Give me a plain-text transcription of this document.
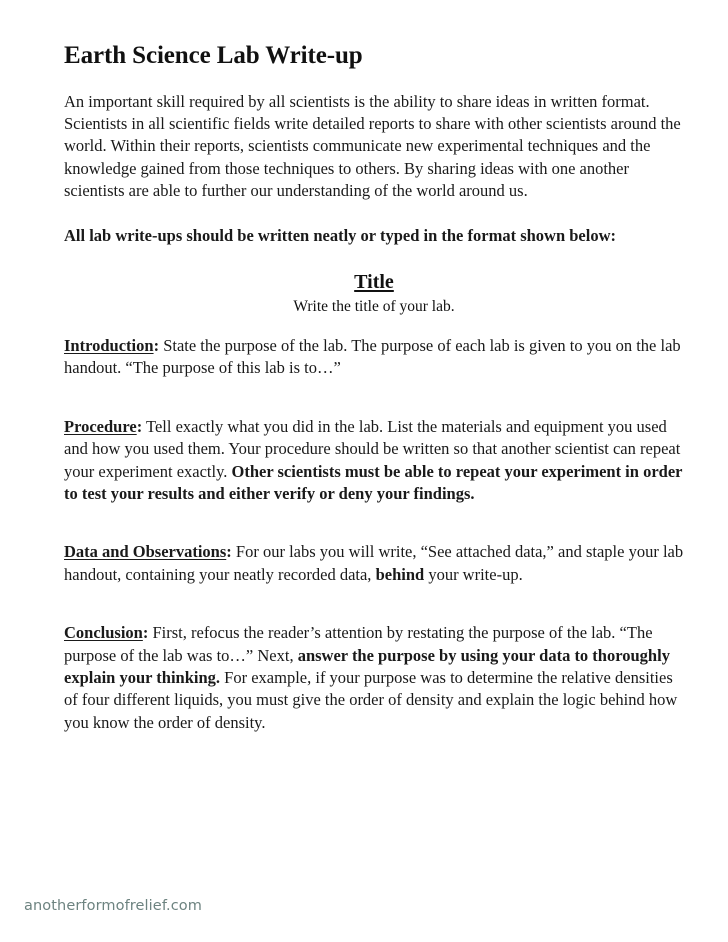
Earth Science Lab Write-up

An important skill required by all scientists is the ability to share ideas in written format. Scientists in all scientific fields write detailed reports to share with other scientists around the world. Within their reports, scientists communicate new experimental techniques and the knowledge gained from those techniques to others. By sharing ideas with one another scientists are able to further our understanding of the world around us.

All lab write-ups should be written neatly or typed in the format shown below:

Title
Write the title of your lab.

Introduction: State the purpose of the lab. The purpose of each lab is given to you on the lab handout. “The purpose of this lab is to…”

Procedure: Tell exactly what you did in the lab. List the materials and equipment you used and how you used them. Your procedure should be written so that another scientist can repeat your experiment exactly. Other scientists must be able to repeat your experiment in order to test your results and either verify or deny your findings.

Data and Observations: For our labs you will write, “See attached data,” and staple your lab handout, containing your neatly recorded data, behind your write-up.

Conclusion: First, refocus the reader’s attention by restating the purpose of the lab. “The purpose of the lab was to…” Next, answer the purpose by using your data to thoroughly explain your thinking. For example, if your purpose was to determine the relative densities of four different liquids, you must give the order of density and explain the logic behind how you know the order of density.

anotherformofrelief.com
